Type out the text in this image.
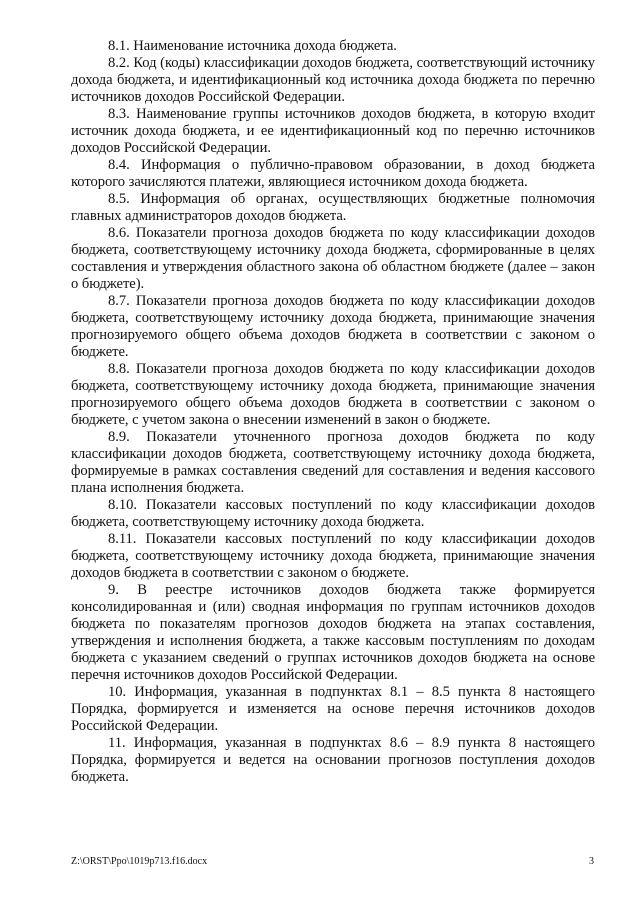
8.1. Наименование источника дохода бюджета.

8.2. Код (коды) классификации доходов бюджета, соответствующий источнику дохода бюджета, и идентификационный код источника дохода бюджета по перечню источников доходов Российской Федерации.

8.3. Наименование группы источников доходов бюджета, в которую входит источник дохода бюджета, и ее идентификационный код по перечню источников доходов Российской Федерации.

8.4. Информация о публично-правовом образовании, в доход бюджета которого зачисляются платежи, являющиеся источником дохода бюджета.

8.5. Информация об органах, осуществляющих бюджетные полномочия главных администраторов доходов бюджета.

8.6. Показатели прогноза доходов бюджета по коду классификации доходов бюджета, соответствующему источнику дохода бюджета, сформированные в целях составления и утверждения областного закона об областном бюджете (далее – закон о бюджете).

8.7. Показатели прогноза доходов бюджета по коду классификации доходов бюджета, соответствующему источнику дохода бюджета, принимающие значения прогнозируемого общего объема доходов бюджета в соответствии с законом о бюджете.

8.8. Показатели прогноза доходов бюджета по коду классификации доходов бюджета, соответствующему источнику дохода бюджета, принимающие значения прогнозируемого общего объема доходов бюджета в соответствии с законом о бюджете, с учетом закона о внесении изменений в закон о бюджете.

8.9. Показатели уточненного прогноза доходов бюджета по коду классификации доходов бюджета, соответствующему источнику дохода бюджета, формируемые в рамках составления сведений для составления и ведения кассового плана исполнения бюджета.

8.10. Показатели кассовых поступлений по коду классификации доходов бюджета, соответствующему источнику дохода бюджета.

8.11. Показатели кассовых поступлений по коду классификации доходов бюджета, соответствующему источнику дохода бюджета, принимающие значения доходов бюджета в соответствии с законом о бюджете.

9. В реестре источников доходов бюджета также формируется консолидированная и (или) сводная информация по группам источников доходов бюджета по показателям прогнозов доходов бюджета на этапах составления, утверждения и исполнения бюджета, а также кассовым поступлениям по доходам бюджета с указанием сведений о группах источников доходов бюджета на основе перечня источников доходов Российской Федерации.

10. Информация, указанная в подпунктах 8.1 – 8.5 пункта 8 настоящего Порядка, формируется и изменяется на основе перечня источников доходов Российской Федерации.

11. Информация, указанная в подпунктах 8.6 – 8.9 пункта 8 настоящего Порядка, формируется и ведется на основании прогнозов поступления доходов бюджета.

Z:\ORST\Ppo\1019p713.f16.docx	3
